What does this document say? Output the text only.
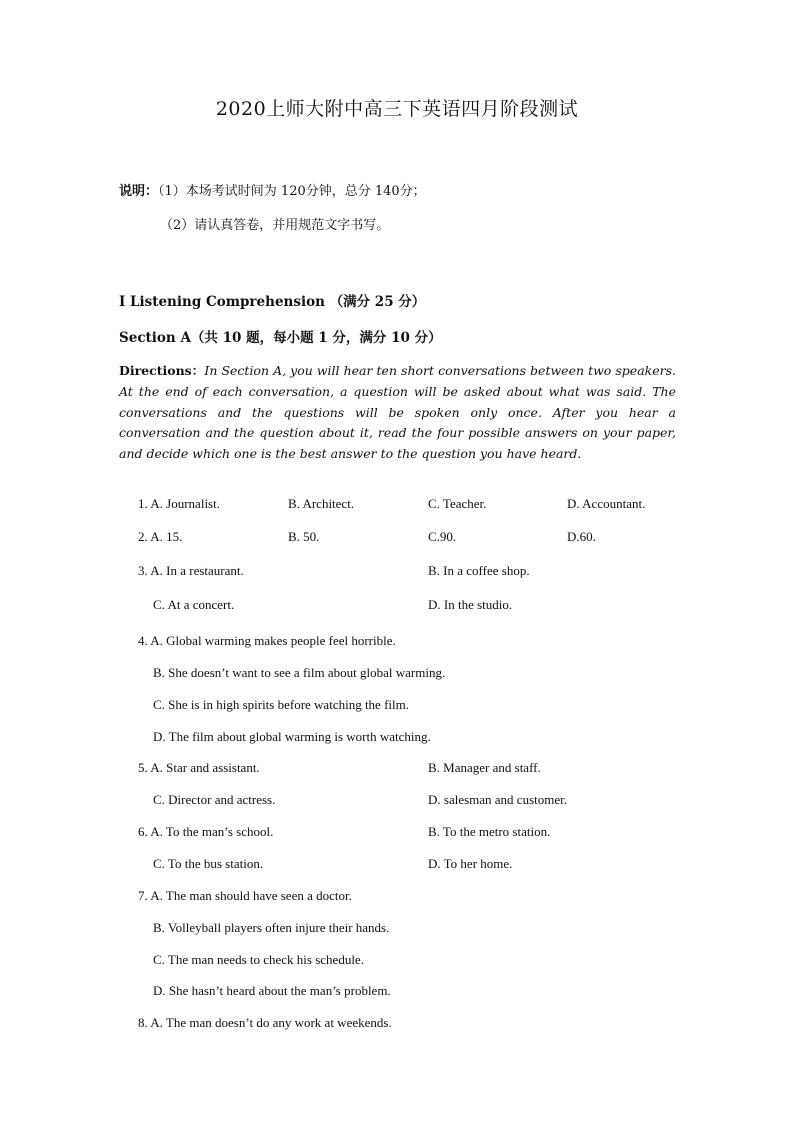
2020上师大附中高三下英语四月阶段测试
说明：（1）本场考试时间为 120分钟，总分 140分；
（2）请认真答卷，并用规范文字书写。
I Listening Comprehension （满分 25 分）
Section A（共 10 题，每小题 1 分，满分 10 分）
Directions：In Section A, you will hear ten short conversations between two speakers. At the end of each conversation, a question will be asked about what was said. The conversations and the questions will be spoken only once. After you hear a conversation and the question about it, read the four possible answers on your paper, and decide which one is the best answer to the question you have heard.
1. A. Journalist.	B. Architect.	C. Teacher.	D. Accountant.
2. A. 15.	B. 50.	C.90.	D.60.
3. A. In a restaurant.	B. In a coffee shop.
C. At a concert.	D. In the studio.
4. A. Global warming makes people feel horrible.
B. She doesn’t want to see a film about global warming.
C. She is in high spirits before watching the film.
D. The film about global warming is worth watching.
5. A. Star and assistant.	B. Manager and staff.
C. Director and actress.	D. salesman and customer.
6. A. To the man’s school.	B. To the metro station.
C. To the bus station.	D. To her home.
7. A. The man should have seen a doctor.
B. Volleyball players often injure their hands.
C. The man needs to check his schedule.
D. She hasn’t heard about the man’s problem.
8. A. The man doesn’t do any work at weekends.
